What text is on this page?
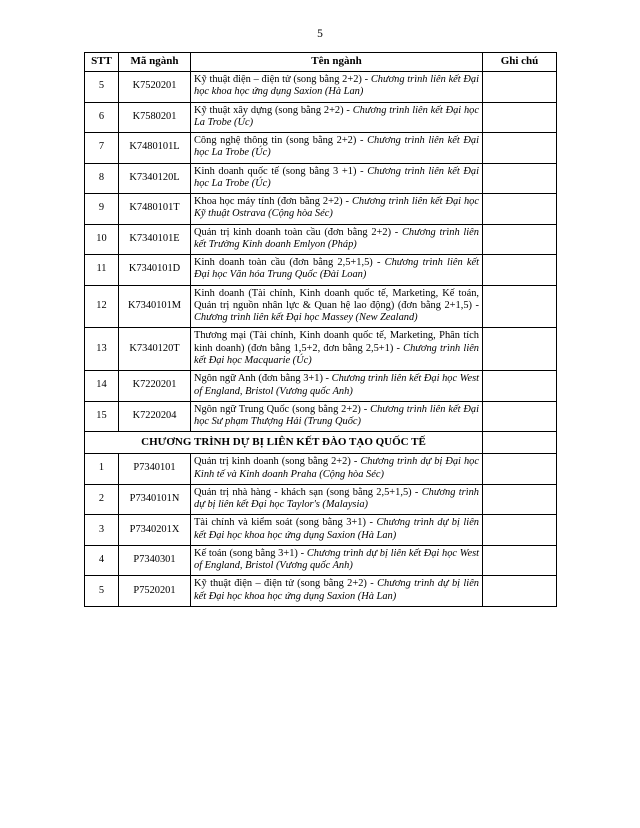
5
STT	Mã ngành	Tên ngành	Ghi chú
5	K7520201	Kỹ thuật điện – điện tử (song bằng 2+2) - Chương trình liên kết Đại học khoa học ứng dụng Saxion (Hà Lan)	
6	K7580201	Kỹ thuật xây dựng (song bằng 2+2) - Chương trình liên kết Đại học La Trobe (Úc)	
7	K7480101L	Công nghệ thông tin (song bằng 2+2) - Chương trình liên kết Đại học La Trobe (Úc)	
8	K7340120L	Kinh doanh quốc tế (song bằng 3 +1) - Chương trình liên kết Đại học La Trobe (Úc)	
9	K7480101T	Khoa học máy tính (đơn bằng 2+2) - Chương trình liên kết Đại học Kỹ thuật Ostrava (Cộng hòa Séc)	
10	K7340101E	Quản trị kinh doanh toàn cầu (đơn bằng 2+2) - Chương trình liên kết Trường Kinh doanh Emlyon (Pháp)	
11	K7340101D	Kinh doanh toàn cầu (đơn bằng 2,5+1,5) - Chương trình liên kết Đại học Văn hóa Trung Quốc (Đài Loan)	
12	K7340101M	Kinh doanh (Tài chính, Kinh doanh quốc tế, Marketing, Kế toán, Quản trị nguồn nhân lực & Quan hệ lao động) (đơn bằng 2+1,5) - Chương trình liên kết Đại học Massey (New Zealand)	
13	K7340120T	Thương mại (Tài chính, Kinh doanh quốc tế, Marketing, Phân tích kinh doanh) (đơn bằng 1,5+2, đơn bằng 2,5+1) - Chương trình liên kết Đại học Macquarie (Úc)	
14	K7220201	Ngôn ngữ Anh (đơn bằng 3+1) - Chương trình liên kết Đại học West of England, Bristol (Vương quốc Anh)	
15	K7220204	Ngôn ngữ Trung Quốc (song bằng 2+2) - Chương trình liên kết Đại học Sư phạm Thượng Hải (Trung Quốc)	
CHƯƠNG TRÌNH DỰ BỊ LIÊN KẾT ĐÀO TẠO QUỐC TẾ			
1	P7340101	Quản trị kinh doanh (song bằng 2+2) - Chương trình dự bị Đại học Kinh tế và Kinh doanh Praha (Cộng hòa Séc)	
2	P7340101N	Quản trị nhà hàng - khách sạn (song bằng 2,5+1,5) - Chương trình dự bị liên kết Đại học Taylor's (Malaysia)	
3	P7340201X	Tài chính và kiểm soát (song bằng 3+1) - Chương trình dự bị liên kết Đại học khoa học ứng dụng Saxion (Hà Lan)	
4	P7340301	Kế toán (song bằng 3+1) - Chương trình dự bị liên kết Đại học West of England, Bristol (Vương quốc Anh)	
5	P7520201	Kỹ thuật điện – điện tử (song bằng 2+2) - Chương trình dự bị liên kết Đại học khoa học ứng dụng Saxion (Hà Lan)	
